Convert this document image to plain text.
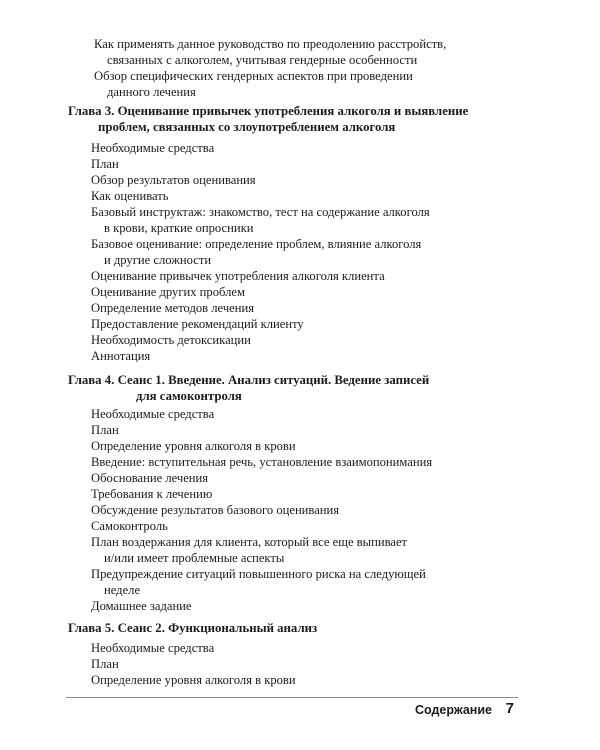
Как применять данное руководство по преодолению расстройств,
связанных с алкоголем, учитывая гендерные особенности
Обзор специфических гендерных аспектов при проведении
данного лечения
Глава 3. Оценивание привычек употребления алкоголя и выявление
проблем, связанных со злоупотреблением алкоголя
Необходимые средства
План
Обзор результатов оценивания
Как оценивать
Базовый инструктаж: знакомство, тест на содержание алкоголя
в крови, краткие опросники
Базовое оценивание: определение проблем, влияние алкоголя
и другие сложности
Оценивание привычек употребления алкоголя клиента
Оценивание других проблем
Определение методов лечения
Предоставление рекомендаций клиенту
Необходимость детоксикации
Аннотация
Глава 4. Сеанс 1. Введение. Анализ ситуаций. Ведение записей
для самоконтроля
Необходимые средства
План
Определение уровня алкоголя в крови
Введение: вступительная речь, установление взаимопонимания
Обоснование лечения
Требования к лечению
Обсуждение результатов базового оценивания
Самоконтроль
План воздержания для клиента, который все еще выпивает
и/или имеет проблемные аспекты
Предупреждение ситуаций повышенного риска на следующей
неделе
Домашнее задание
Глава 5. Сеанс 2. Функциональный анализ
Необходимые средства
План
Определение уровня алкоголя в крови
Содержание 7
